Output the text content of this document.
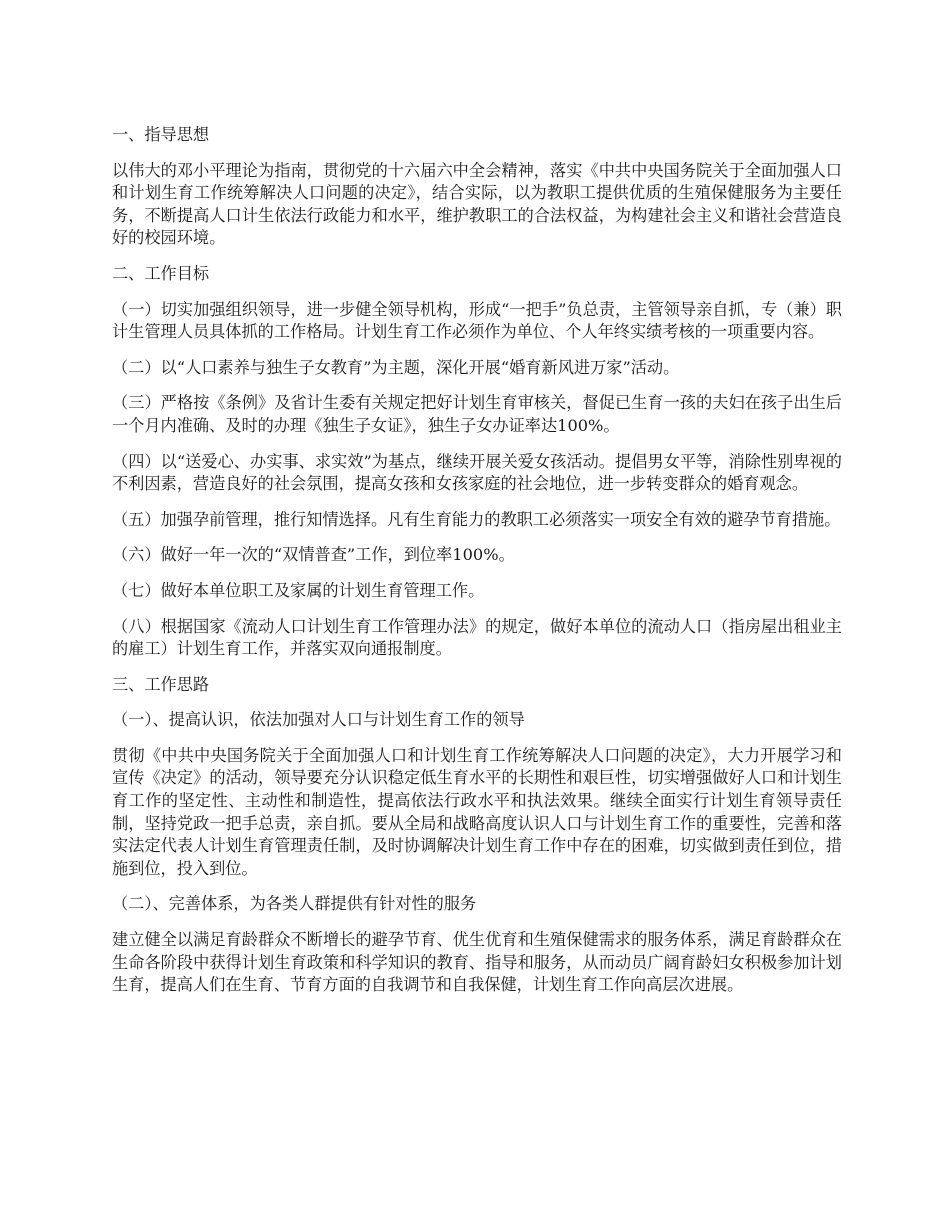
一、指导思想

以伟大的邓小平理论为指南，贯彻党的十六届六中全会精神，落实《中共中央国务院关于全面加强人口和计划生育工作统筹解决人口问题的决定》，结合实际，以为教职工提供优质的生殖保健服务为主要任务，不断提高人口计生依法行政能力和水平，维护教职工的合法权益，为构建社会主义和谐社会营造良好的校园环境。

二、工作目标

（一）切实加强组织领导，进一步健全领导机构，形成“一把手”负总责，主管领导亲自抓，专（兼）职计生管理人员具体抓的工作格局。计划生育工作必须作为单位、个人年终实绩考核的一项重要内容。

（二）以“人口素养与独生子女教育”为主题，深化开展“婚育新风进万家”活动。

（三）严格按《条例》及省计生委有关规定把好计划生育审核关，督促已生育一孩的夫妇在孩子出生后一个月内准确、及时的办理《独生子女证》，独生子女办证率达100%。

（四）以“送爱心、办实事、求实效”为基点，继续开展关爱女孩活动。提倡男女平等，消除性别卑视的不利因素，营造良好的社会氛围，提高女孩和女孩家庭的社会地位，进一步转变群众的婚育观念。

（五）加强孕前管理，推行知情选择。凡有生育能力的教职工必须落实一项安全有效的避孕节育措施。

（六）做好一年一次的“双情普查”工作，到位率100%。

（七）做好本单位职工及家属的计划生育管理工作。

（八）根据国家《流动人口计划生育工作管理办法》的规定，做好本单位的流动人口（指房屋出租业主的雇工）计划生育工作，并落实双向通报制度。

三、工作思路

（一）、提高认识，依法加强对人口与计划生育工作的领导

贯彻《中共中央国务院关于全面加强人口和计划生育工作统筹解决人口问题的决定》，大力开展学习和宣传《决定》的活动，领导要充分认识稳定低生育水平的长期性和艰巨性，切实增强做好人口和计划生育工作的坚定性、主动性和制造性，提高依法行政水平和执法效果。继续全面实行计划生育领导责任制，坚持党政一把手总责，亲自抓。要从全局和战略高度认识人口与计划生育工作的重要性，完善和落实法定代表人计划生育管理责任制，及时协调解决计划生育工作中存在的困难，切实做到责任到位，措施到位，投入到位。

（二）、完善体系，为各类人群提供有针对性的服务

建立健全以满足育龄群众不断增长的避孕节育、优生优育和生殖保健需求的服务体系，满足育龄群众在生命各阶段中获得计划生育政策和科学知识的教育、指导和服务，从而动员广阔育龄妇女积极参加计划生育，提高人们在生育、节育方面的自我调节和自我保健，计划生育工作向高层次进展。
